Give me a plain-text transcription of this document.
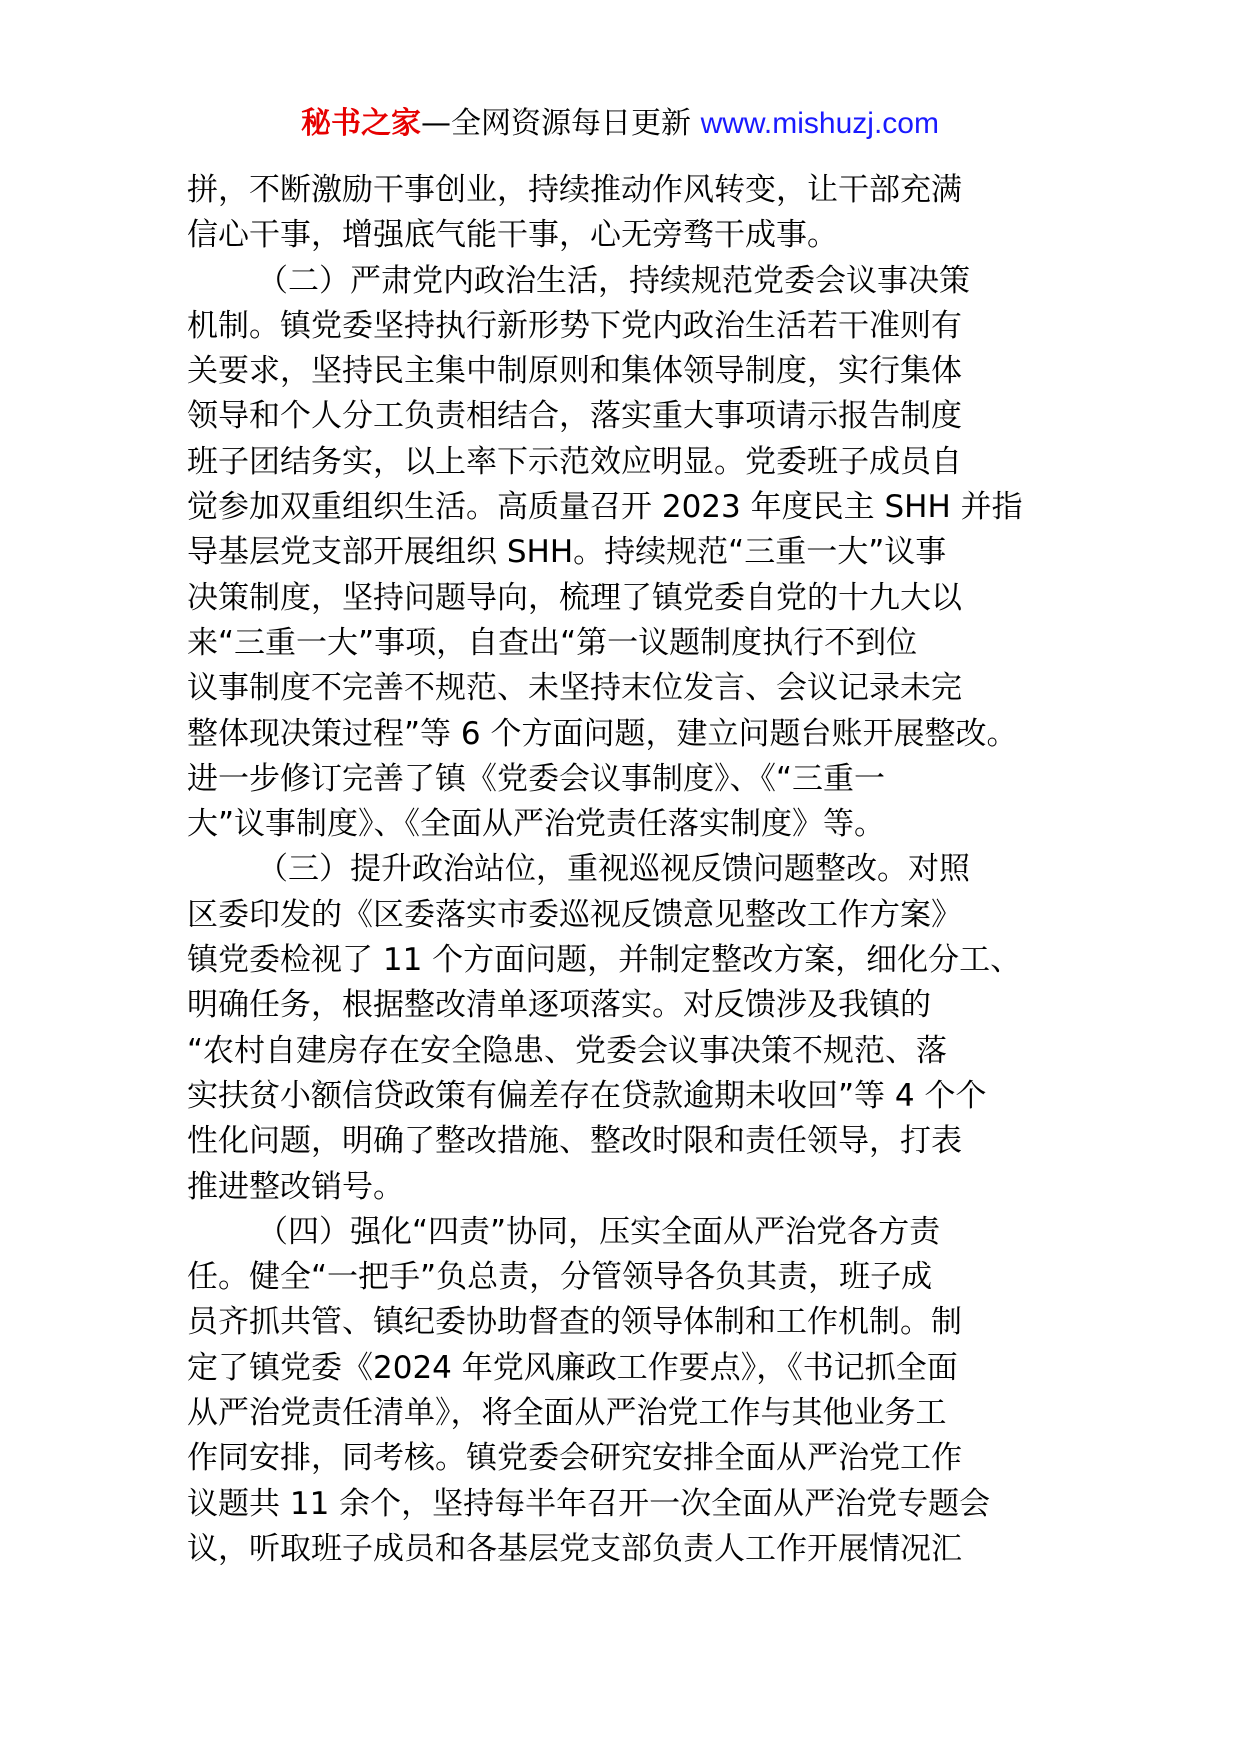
秘书之家—全网资源每日更新 www.mishuzj.com
拼，不断激励干事创业，持续推动作风转变，让干部充满
信心干事，增强底气能干事，心无旁骛干成事。
（二）严肃党内政治生活，持续规范党委会议事决策
机制。镇党委坚持执行新形势下党内政治生活若干准则有
关要求，坚持民主集中制原则和集体领导制度，实行集体
领导和个人分工负责相结合，落实重大事项请示报告制度
班子团结务实，以上率下示范效应明显。党委班子成员自
觉参加双重组织生活。高质量召开 2023 年度民主 SHH 并指
导基层党支部开展组织 SHH。持续规范“三重一大”议事
决策制度，坚持问题导向，梳理了镇党委自党的十九大以
来“三重一大”事项，自查出“第一议题制度执行不到位
议事制度不完善不规范、未坚持末位发言、会议记录未完
整体现决策过程”等 6 个方面问题，建立问题台账开展整改。
进一步修订完善了镇《党委会议事制度》、《“三重一
大”议事制度》、《全面从严治党责任落实制度》等。
（三）提升政治站位，重视巡视反馈问题整改。对照
区委印发的《区委落实市委巡视反馈意见整改工作方案》
镇党委检视了 11 个方面问题，并制定整改方案，细化分工、
明确任务，根据整改清单逐项落实。对反馈涉及我镇的
“农村自建房存在安全隐患、党委会议事决策不规范、落
实扶贫小额信贷政策有偏差存在贷款逾期未收回”等 4 个个
性化问题，明确了整改措施、整改时限和责任领导，打表
推进整改销号。
（四）强化“四责”协同，压实全面从严治党各方责
任。健全“一把手”负总责，分管领导各负其责，班子成
员齐抓共管、镇纪委协助督查的领导体制和工作机制。制
定了镇党委《2024 年党风廉政工作要点》，《书记抓全面
从严治党责任清单》，将全面从严治党工作与其他业务工
作同安排，同考核。镇党委会研究安排全面从严治党工作
议题共 11 余个，坚持每半年召开一次全面从严治党专题会
议，听取班子成员和各基层党支部负责人工作开展情况汇
